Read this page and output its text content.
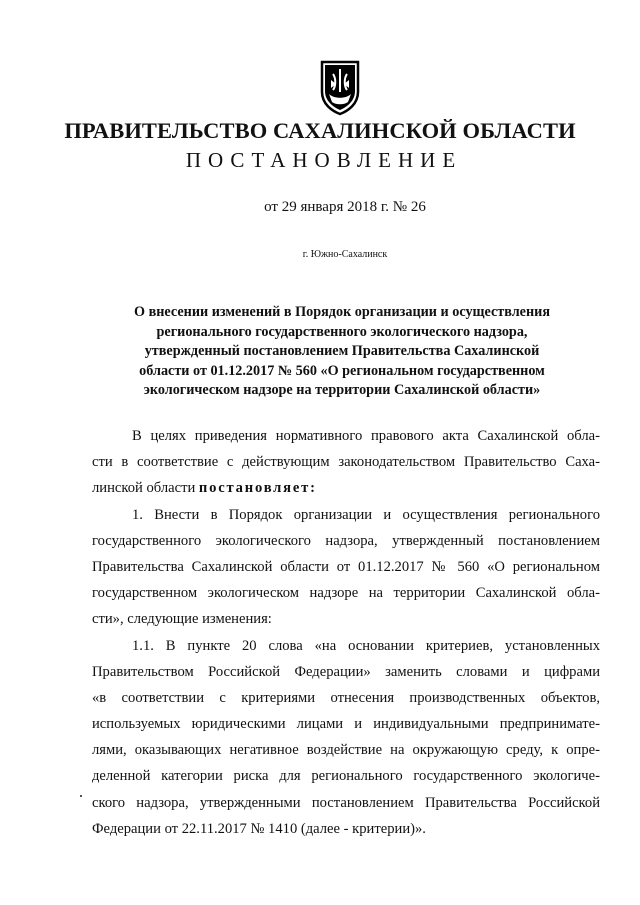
ПРАВИТЕЛЬСТВО САХАЛИНСКОЙ ОБЛАСТИ
ПОСТАНОВЛЕНИЕ
от 29 января 2018 г. № 26
г. Южно-Сахалинск
О внесении изменений в Порядок организации и осуществления
регионального государственного экологического надзора,
утвержденный постановлением Правительства Сахалинской
области от 01.12.2017 № 560 «О региональном государственном
экологическом надзоре на территории Сахалинской области»
В целях приведения нормативного правового акта Сахалинской обла-
сти в соответствие с действующим законодательством Правительство Саха-
линской области постановляет:
1. Внести в Порядок организации и осуществления регионального
государственного экологического надзора, утвержденный постановлением
Правительства Сахалинской области от 01.12.2017 № 560 «О региональном
государственном экологическом надзоре на территории Сахалинской обла-
сти», следующие изменения:
1.1. В пункте 20 слова «на основании критериев, установленных
Правительством Российской Федерации» заменить словами и цифрами
«в соответствии с критериями отнесения производственных объектов,
используемых юридическими лицами и индивидуальными предпринимате-
лями, оказывающих негативное воздействие на окружающую среду, к опре-
деленной категории риска для регионального государственного экологиче-
ского надзора, утвержденными постановлением Правительства Российской
Федерации от 22.11.2017 № 1410 (далее - критерии)».
